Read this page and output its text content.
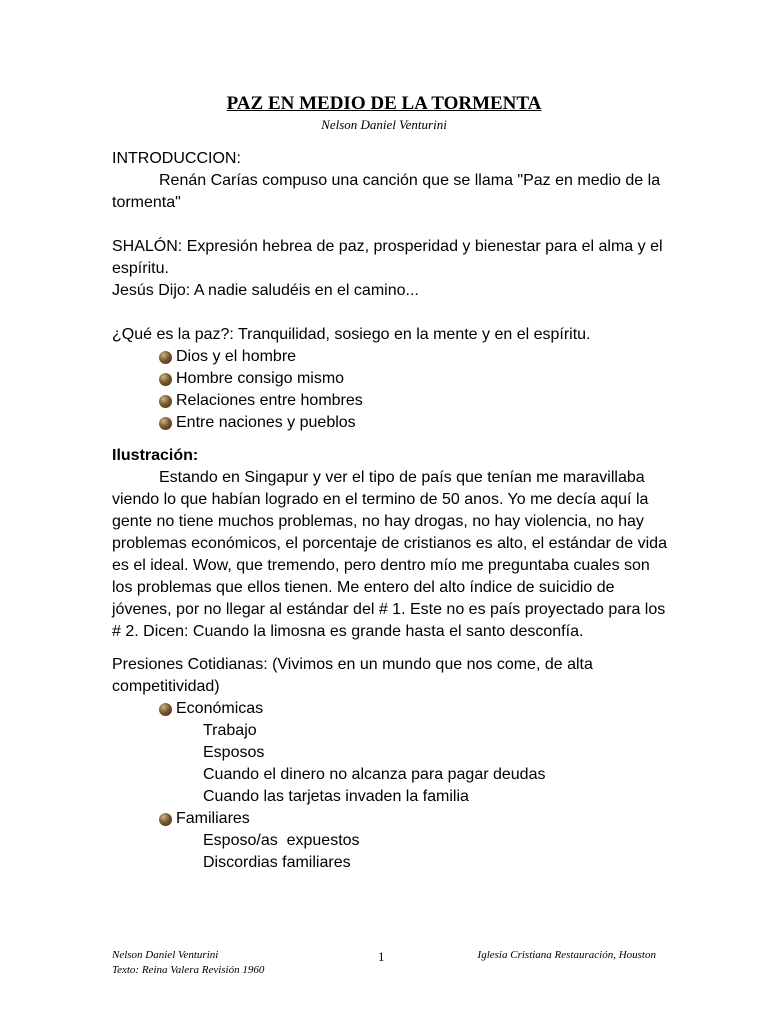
PAZ EN MEDIO DE LA TORMENTA
Nelson Daniel Venturini

INTRODUCCION:

Renán Carías compuso una canción que se llama "Paz en medio de la tormenta"

SHALÓN: Expresión hebrea de paz, prosperidad y bienestar para el alma y el espíritu.

Jesús Dijo: A nadie saludéis en el camino...

¿Qué es la paz?: Tranquilidad, sosiego en la mente y en el espíritu.

Dios y el hombre
Hombre consigo mismo
Relaciones entre hombres
Entre naciones y pueblos

Ilustración:

Estando en Singapur y ver el tipo de país que tenían me maravillaba viendo lo que habían logrado en el termino de 50 anos. Yo me decía aquí la gente no tiene muchos problemas, no hay drogas, no hay violencia, no hay problemas económicos, el porcentaje de cristianos es alto, el estándar de vida es el ideal. Wow, que tremendo, pero dentro mío me preguntaba cuales son los problemas que ellos tienen. Me entero del alto índice de suicidio de jóvenes, por no llegar al estándar del # 1. Este no es país proyectado para los # 2. Dicen: Cuando la limosna es grande hasta el santo desconfía.

Presiones Cotidianas: (Vivimos en un mundo que nos come, de alta competitividad)

Económicas

Trabajo

Esposos

Cuando el dinero no alcanza para pagar deudas

Cuando las tarjetas invaden la familia

Familiares

Esposo/as  expuestos

Discordias familiares

Nelson Daniel Venturini
Texto: Reina Valera Revisión 1960
1	Iglesia Cristiana Restauración, Houston
